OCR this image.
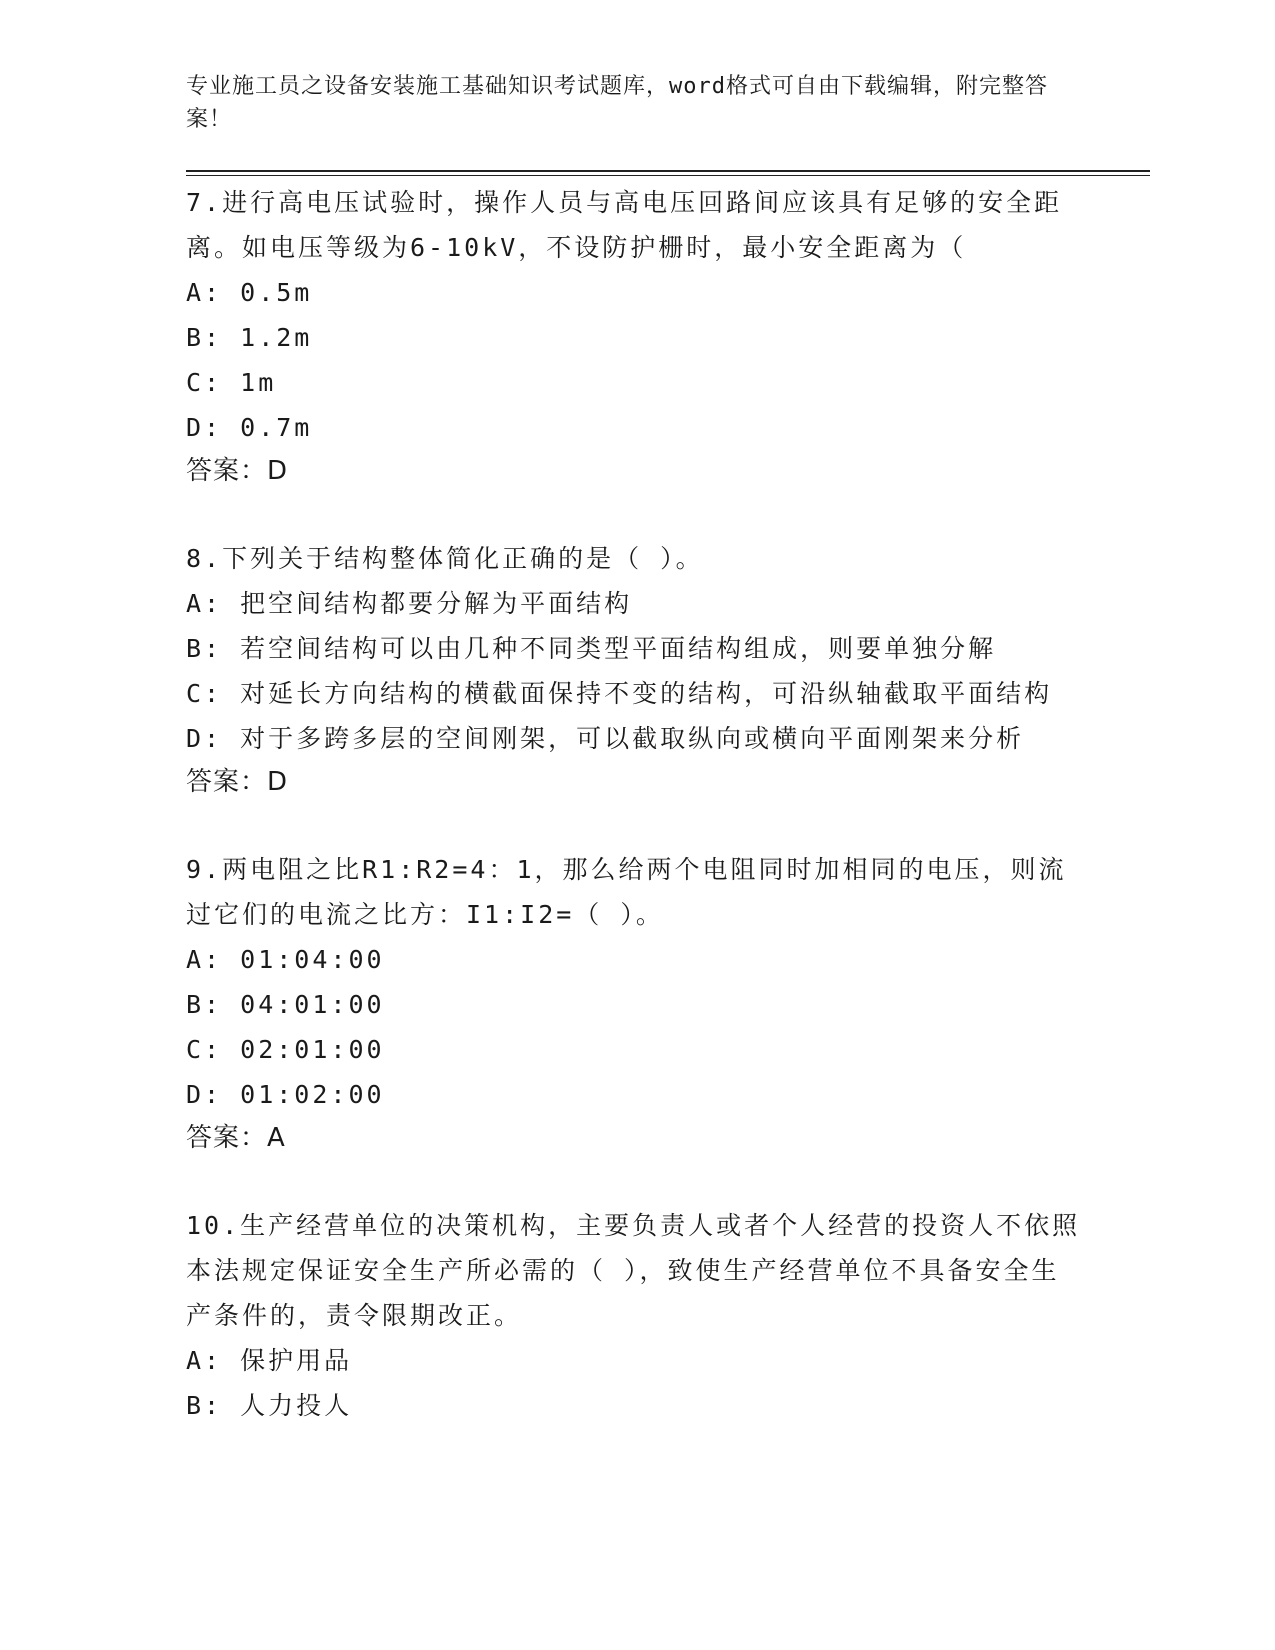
专业施工员之设备安装施工基础知识考试题库，word格式可自由下载编辑，附完整答案！

7.进行高电压试验时，操作人员与高电压回路间应该具有足够的安全距离。如电压等级为6-10kV，不设防护栅时，最小安全距离为（

A: 0.5m

B: 1.2m

C: 1m

D: 0.7m

答案：D

8.下列关于结构整体简化正确的是（ ）。

A: 把空间结构都要分解为平面结构

B: 若空间结构可以由几种不同类型平面结构组成，则要单独分解

C: 对延长方向结构的横截面保持不变的结构，可沿纵轴截取平面结构

D: 对于多跨多层的空间刚架，可以截取纵向或横向平面刚架来分析

答案：D

9.两电阻之比R1:R2=4：1，那么给两个电阻同时加相同的电压，则流过它们的电流之比方：I1:I2=（ ）。

A: 01:04:00

B: 04:01:00

C: 02:01:00

D: 01:02:00

答案：A

10.生产经营单位的决策机构，主要负责人或者个人经营的投资人不依照本法规定保证安全生产所必需的（ ），致使生产经营单位不具备安全生产条件的，责令限期改正。

A: 保护用品

B: 人力投人
